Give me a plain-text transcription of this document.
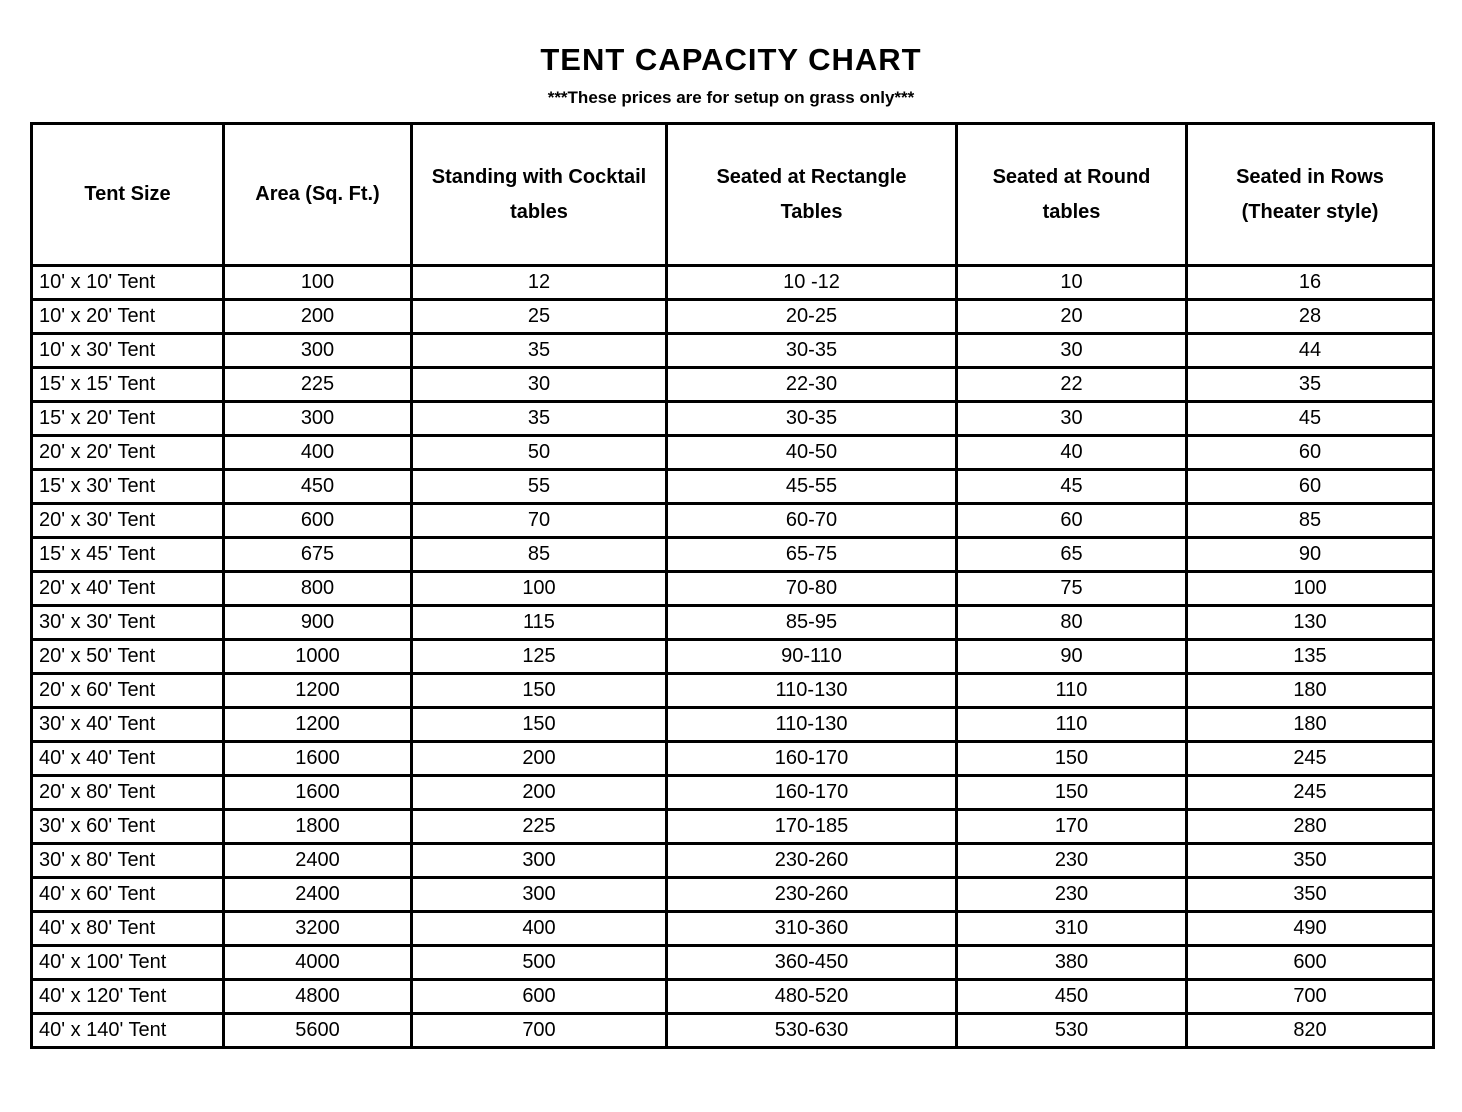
TENT CAPACITY CHART
***These prices are for setup on grass only***
Tent Size	Area (Sq. Ft.)	Standing with Cocktail tables	Seated at Rectangle Tables	Seated at Round tables	Seated in Rows (Theater style)
10' x 10' Tent	100	12	10 -12	10	16
10' x 20' Tent	200	25	20-25	20	28
10' x 30' Tent	300	35	30-35	30	44
15' x 15' Tent	225	30	22-30	22	35
15' x 20' Tent	300	35	30-35	30	45
20' x 20' Tent	400	50	40-50	40	60
15' x 30' Tent	450	55	45-55	45	60
20' x 30' Tent	600	70	60-70	60	85
15' x 45' Tent	675	85	65-75	65	90
20' x 40' Tent	800	100	70-80	75	100
30' x 30' Tent	900	115	85-95	80	130
20' x 50' Tent	1000	125	90-110	90	135
20' x 60' Tent	1200	150	110-130	110	180
30' x 40' Tent	1200	150	110-130	110	180
40' x 40' Tent	1600	200	160-170	150	245
20' x 80' Tent	1600	200	160-170	150	245
30' x 60' Tent	1800	225	170-185	170	280
30' x 80' Tent	2400	300	230-260	230	350
40' x 60' Tent	2400	300	230-260	230	350
40' x 80' Tent	3200	400	310-360	310	490
40' x 100' Tent	4000	500	360-450	380	600
40' x 120' Tent	4800	600	480-520	450	700
40' x 140' Tent	5600	700	530-630	530	820
